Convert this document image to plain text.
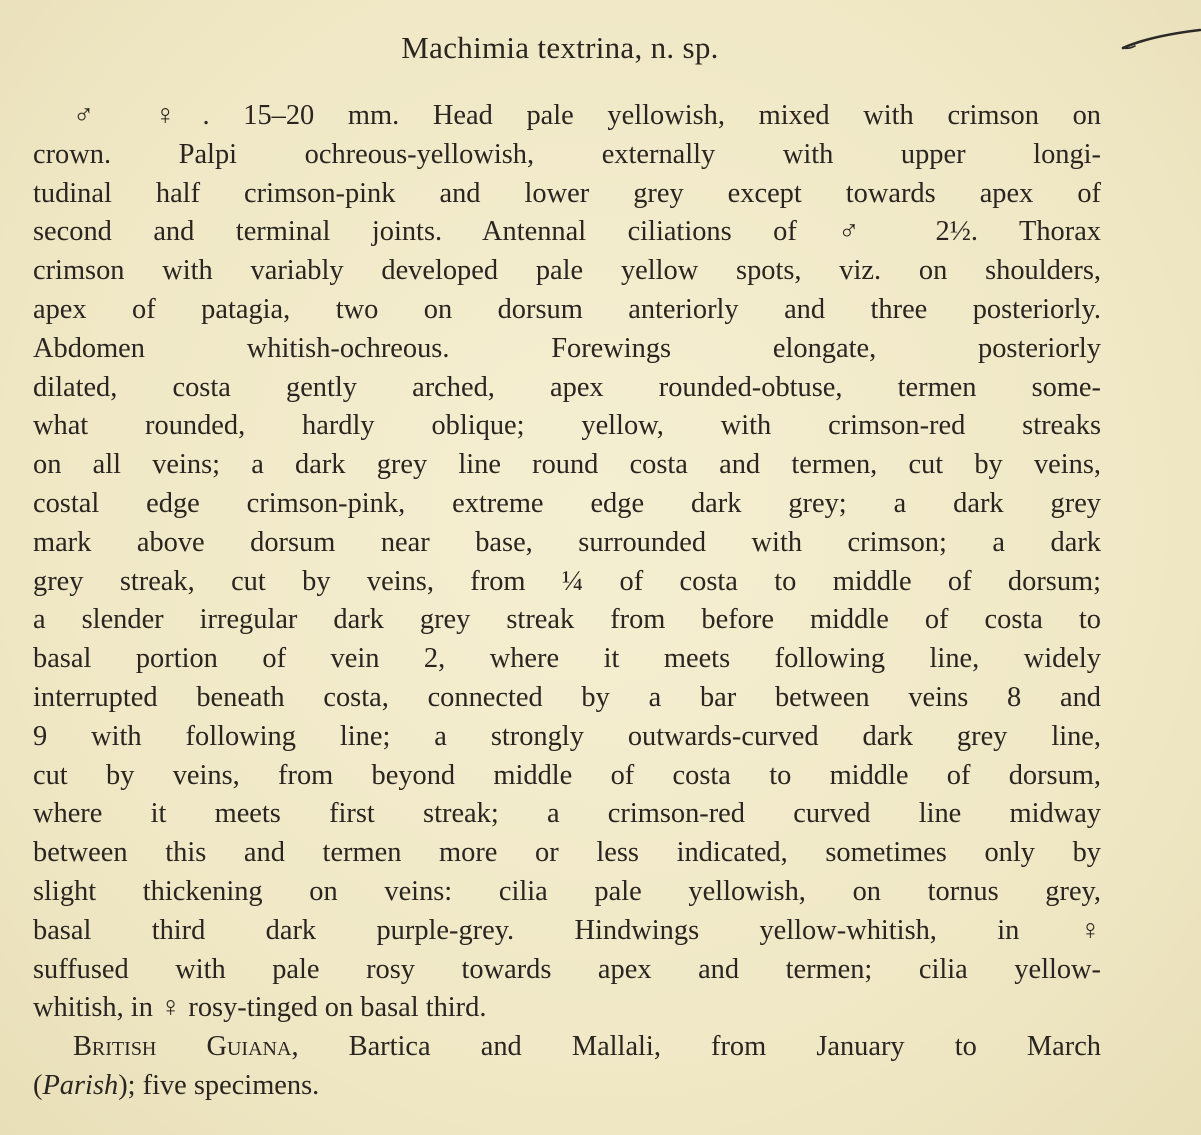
Machimia textrina, n. sp.
♂ ♀. 15–20 mm. Head pale yellowish, mixed with crimson on
crown. Palpi ochreous-yellowish, externally with upper longi-
tudinal half crimson-pink and lower grey except towards apex of
second and terminal joints. Antennal ciliations of ♂ 2½. Thorax
crimson with variably developed pale yellow spots, viz. on shoulders,
apex of patagia, two on dorsum anteriorly and three posteriorly.
Abdomen whitish-ochreous. Forewings elongate, posteriorly
dilated, costa gently arched, apex rounded-obtuse, termen some-
what rounded, hardly oblique; yellow, with crimson-red streaks
on all veins; a dark grey line round costa and termen, cut by veins,
costal edge crimson-pink, extreme edge dark grey; a dark grey
mark above dorsum near base, surrounded with crimson; a dark
grey streak, cut by veins, from ¼ of costa to middle of dorsum;
a slender irregular dark grey streak from before middle of costa to
basal portion of vein 2, where it meets following line, widely
interrupted beneath costa, connected by a bar between veins 8 and
9 with following line; a strongly outwards-curved dark grey line,
cut by veins, from beyond middle of costa to middle of dorsum,
where it meets first streak; a crimson-red curved line midway
between this and termen more or less indicated, sometimes only by
slight thickening on veins: cilia pale yellowish, on tornus grey,
basal third dark purple-grey. Hindwings yellow-whitish, in ♀
suffused with pale rosy towards apex and termen; cilia yellow-
whitish, in ♀ rosy-tinged on basal third.
British Guiana, Bartica and Mallali, from January to March
(Parish); five specimens.
